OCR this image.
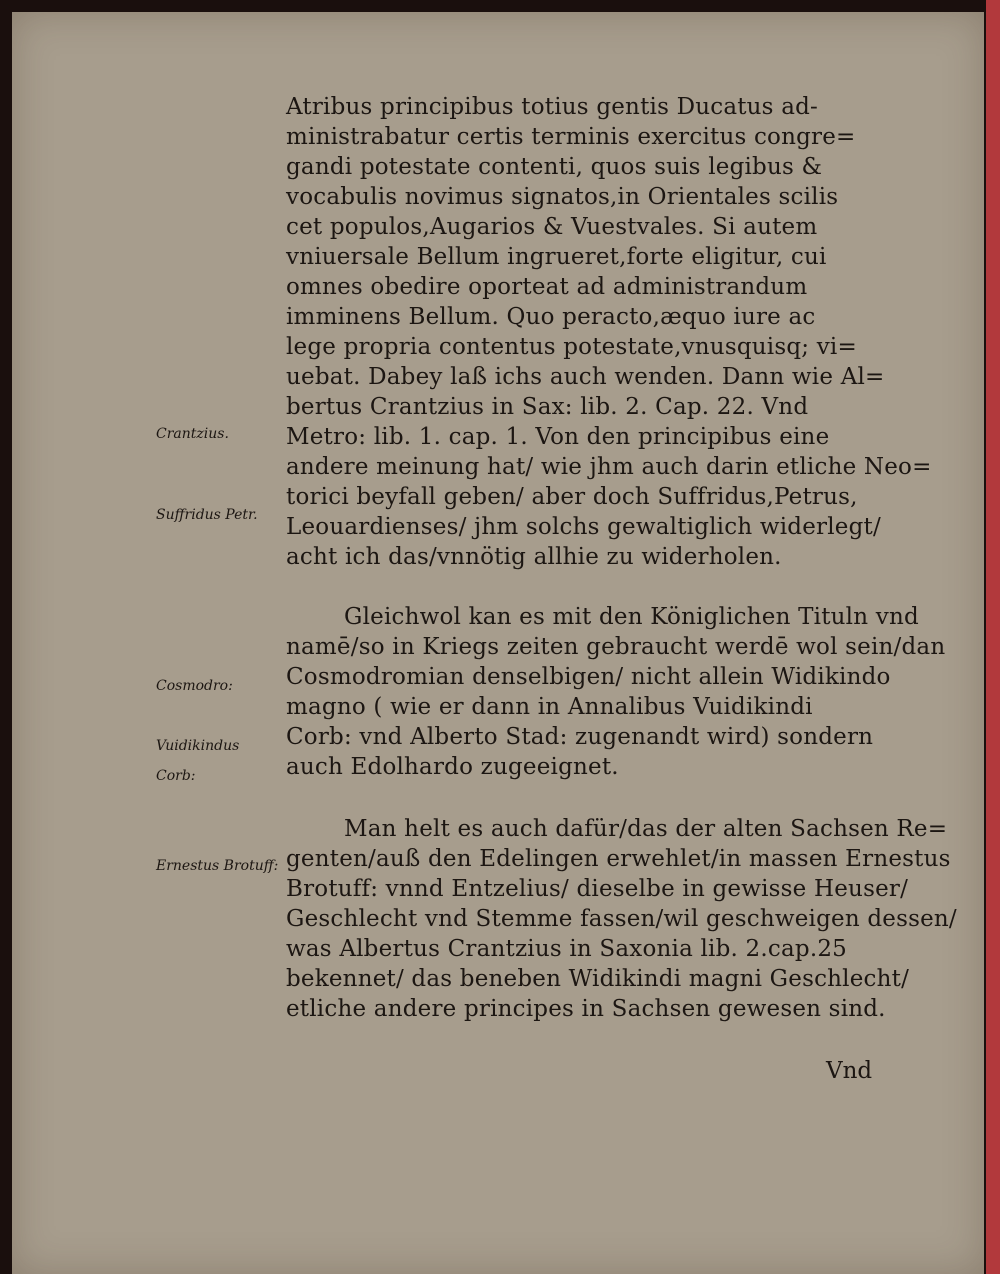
Atribus principibus totius gentis Ducatus ad-
ministrabatur certis terminis exercitus congre=
gandi potestate contenti, quos suis legibus &
vocabulis novimus signatos,in Orientales scilis
cet populos,Augarios & Vuestvales. Si autem
vniuersale Bellum ingrueret,forte eligitur, cui
omnes obedire oporteat ad administrandum
imminens Bellum. Quo peracto,æquo iure ac
lege propria contentus potestate,vnusquisq; vi=
uebat. Dabey laß ichs auch wenden. Dann wie Al=
bertus Crantzius in Sax: lib. 2. Cap. 22. Vnd
Metro: lib. 1. cap. 1. Von den principibus eine
andere meinung hat/ wie jhm auch darin etliche Neo=
torici beyfall geben/ aber doch Suffridus,Petrus,
Leouardienses/ jhm solchs gewaltiglich widerlegt/
acht ich das/vnnötig allhie zu widerholen.
Gleichwol kan es mit den Königlichen Tituln vnd
namē/so in Kriegs zeiten gebraucht werdē wol sein/dan
Cosmodromian denselbigen/ nicht allein Widikindo
magno ( wie er dann in Annalibus Vuidikindi
Corb: vnd Alberto Stad: zugenandt wird) sondern
auch Edolhardo zugeeignet.
Man helt es auch dafür/das der alten Sachsen Re=
genten/auß den Edelingen erwehlet/in massen Ernestus
Brotuff: vnnd Entzelius/ dieselbe in gewisse Heuser/
Geschlecht vnd Stemme fassen/wil geschweigen dessen/
was Albertus Crantzius in Saxonia lib. 2.cap.25
bekennet/ das beneben Widikindi magni Geschlecht/
etliche andere principes in Sachsen gewesen sind.
Vnd
Crantzius.
Suffridus Petr.
Cosmodro:
Vuidikindus
Corb:
Ernestus Brotuff:
